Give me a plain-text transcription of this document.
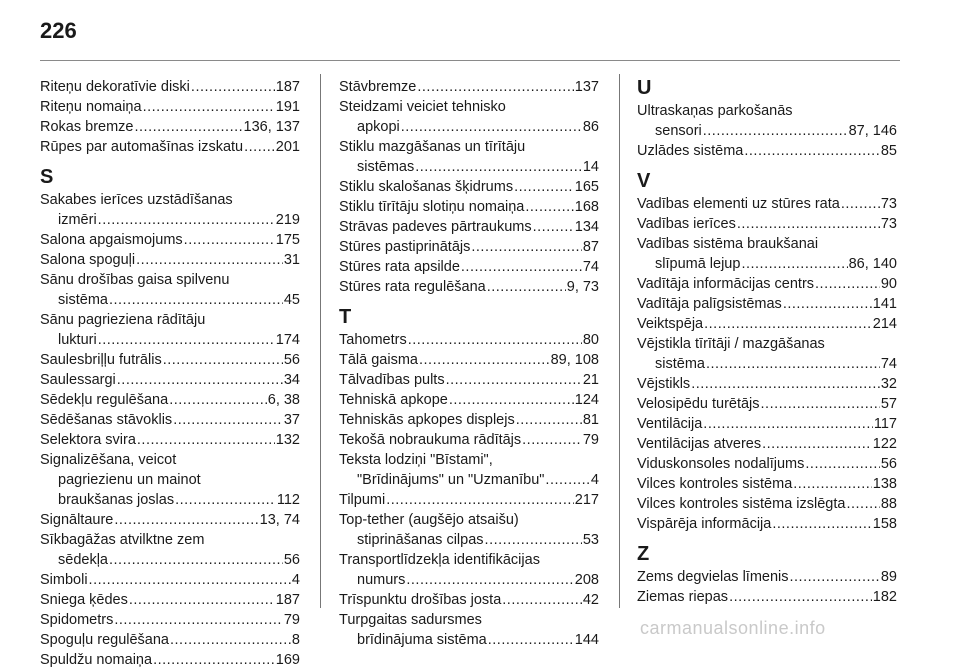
226
Riteņu dekoratīvie diski .....	187
Riteņu nomaiņa .....	191
Rokas bremze .....	136, 137
Rūpes par automašīnas izskatu ..... 201
S
Sakabes ierīces uzstādīšanas
izmēri .....	219
Salona apgaismojums .....	175
Salona spoguļi .....	31
Sānu drošības gaisa spilvenu
sistēma .....	45
Sānu pagrieziena rādītāju
lukturi .....	174
Saulesbriļļu futrālis .....	56
Saulessargi .....	34
Sēdekļu regulēšana .....	6, 38
Sēdēšanas stāvoklis .....	37
Selektora svira .....	132
Signalizēšana, veicot
pagriezienu un mainot
braukšanas joslas .....	112
Signāltaure .....	13, 74
Sīkbagāžas atvilktne zem
sēdekļa .....	56
Simboli .....	4
Sniega ķēdes .....	187
Spidometrs .....	79
Spoguļu regulēšana .....	8
Spuldžu nomaiņa .....	169
Stāvbremze .....	137
Steidzami veiciet tehnisko
apkopi .....	86
Stiklu mazgāšanas un tīrītāju
sistēmas .....	14
Stiklu skalošanas šķidrums .....	165
Stiklu tīrītāju slotiņu nomaiņa .....	168
Strāvas padeves pārtraukums .....	134
Stūres pastiprinātājs .....	87
Stūres rata apsilde .....	74
Stūres rata regulēšana .....	9, 73
T
Tahometrs .....	80
Tālā gaisma .....	89, 108
Tālvadības pults .....	21
Tehniskā apkope .....	124
Tehniskās apkopes displejs .....	81
Tekošā nobraukuma rādītājs .....	79
Teksta lodziņi "Bīstami",
"Brīdinājums" un "Uzmanību" .....	4
Tilpumi .....	217
Top-tether (augšējo atsaišu)
stiprināšanas cilpas .....	53
Transportlīdzekļa identifikācijas
numurs .....	208
Trīspunktu drošības josta .....	42
Turpgaitas sadursmes
brīdinājuma sistēma .....	144
U
Ultraskaņas parkošanās
sensori .....	87, 146
Uzlādes sistēma .....	85
V
Vadības elementi uz stūres rata .....	73
Vadības ierīces .....	73
Vadības sistēma braukšanai
slīpumā lejup .....	86, 140
Vadītāja informācijas centrs .....	90
Vadītāja palīgsistēmas .....	141
Veiktspēja .....	214
Vējstikla tīrītāji / mazgāšanas
sistēma .....	74
Vējstikls .....	32
Velosipēdu turētājs .....	57
Ventilācija .....	117
Ventilācijas atveres .....	122
Viduskonsoles nodalījums .....	56
Vilces kontroles sistēma .....	138
Vilces kontroles sistēma izslēgta ..... 88
Vispārēja informācija .....	158
Z
Zems degvielas līmenis .....	89
Ziemas riepas .....	182
carmanualsonline.info
